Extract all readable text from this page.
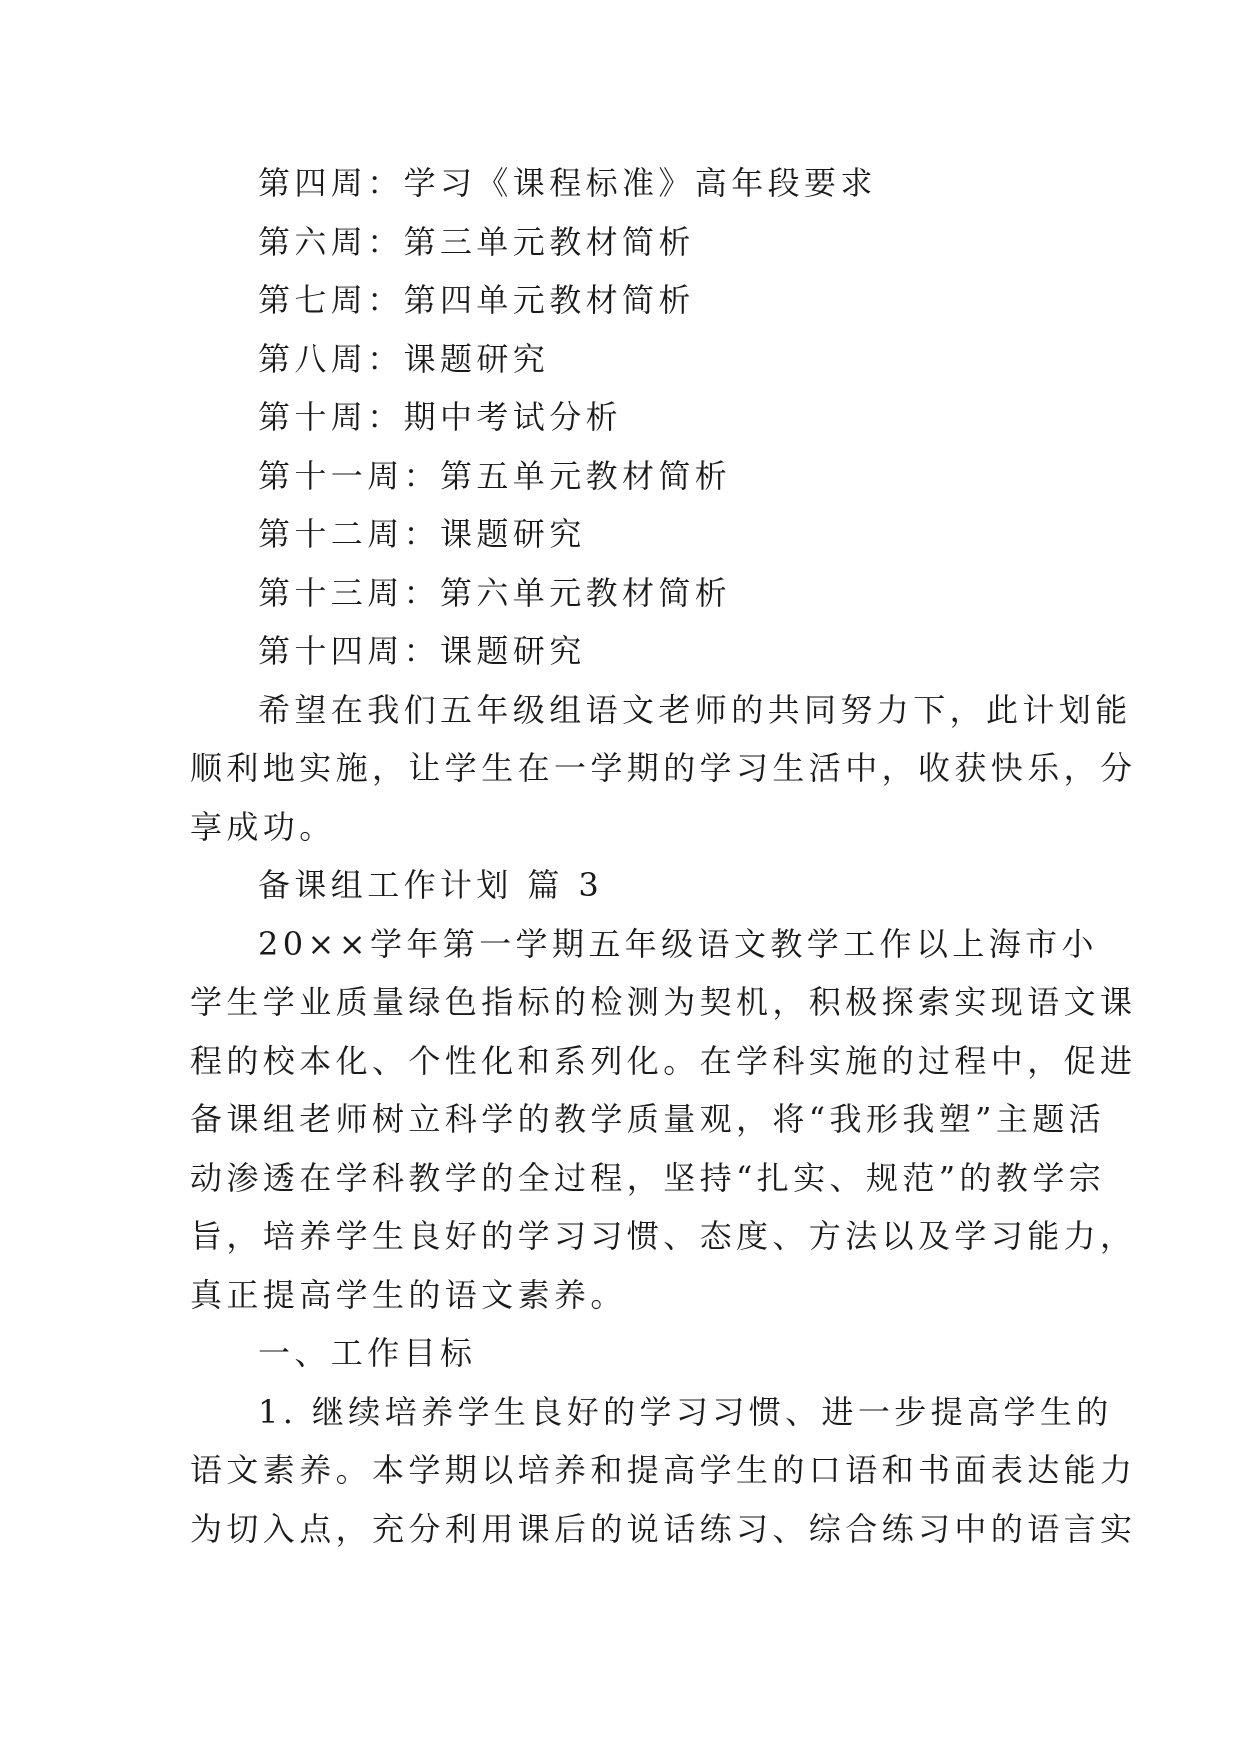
第四周：学习《课程标准》高年段要求
第六周：第三单元教材简析
第七周：第四单元教材简析
第八周：课题研究
第十周：期中考试分析
第十一周：第五单元教材简析
第十二周：课题研究
第十三周：第六单元教材简析
第十四周：课题研究
希望在我们五年级组语文老师的共同努力下，此计划能
顺利地实施，让学生在一学期的学习生活中，收获快乐，分
享成功。
备课组工作计划 篇 3
20××学年第一学期五年级语文教学工作以上海市小
学生学业质量绿色指标的检测为契机，积极探索实现语文课
程的校本化、个性化和系列化。在学科实施的过程中，促进
备课组老师树立科学的教学质量观，将“我形我塑”主题活
动渗透在学科教学的全过程，坚持“扎实、规范”的教学宗
旨，培养学生良好的学习习惯、态度、方法以及学习能力，
真正提高学生的语文素养。
一、工作目标
1. 继续培养学生良好的学习习惯、进一步提高学生的
语文素养。本学期以培养和提高学生的口语和书面表达能力
为切入点，充分利用课后的说话练习、综合练习中的语言实
